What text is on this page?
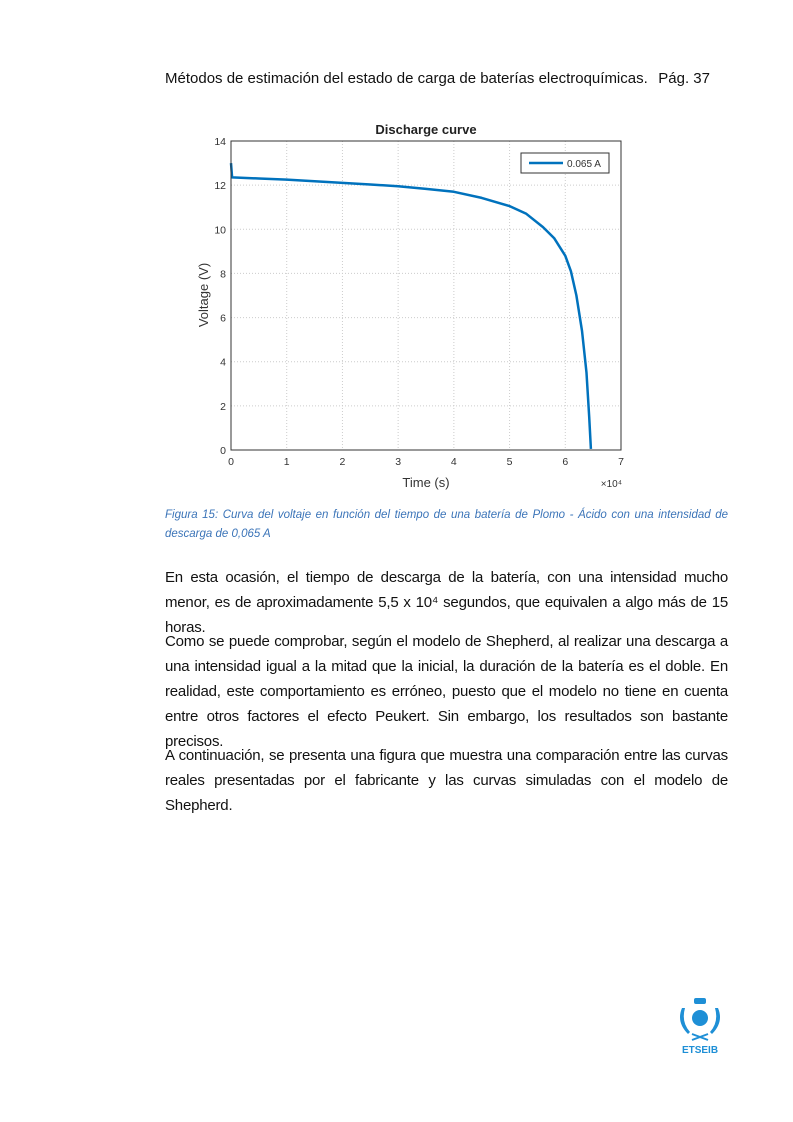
Métodos de estimación del estado de carga de baterías electroquímicas. Pág. 37
Discharge curve
0	1	2	3	4	5	6	7
0
2
4
6
8
10
12
14
Time (s)
Voltage (V)
×10⁴
0.065 A
Figura 15: Curva del voltaje en función del tiempo de una batería de Plomo - Ácido con una intensidad de descarga de 0,065 A
En esta ocasión, el tiempo de descarga de la batería, con una intensidad mucho menor, es de aproximadamente 5,5 x 10⁴ segundos, que equivalen a algo más de 15 horas.
Como se puede comprobar, según el modelo de Shepherd, al realizar una descarga a una intensidad igual a la mitad que la inicial, la duración de la batería es el doble. En realidad, este comportamiento es erróneo, puesto que el modelo no tiene en cuenta entre otros factores el efecto Peukert. Sin embargo, los resultados son bastante precisos.
A continuación, se presenta una figura que muestra una comparación entre las curvas reales presentadas por el fabricante y las curvas simuladas con el modelo de Shepherd.
ETSEIB
